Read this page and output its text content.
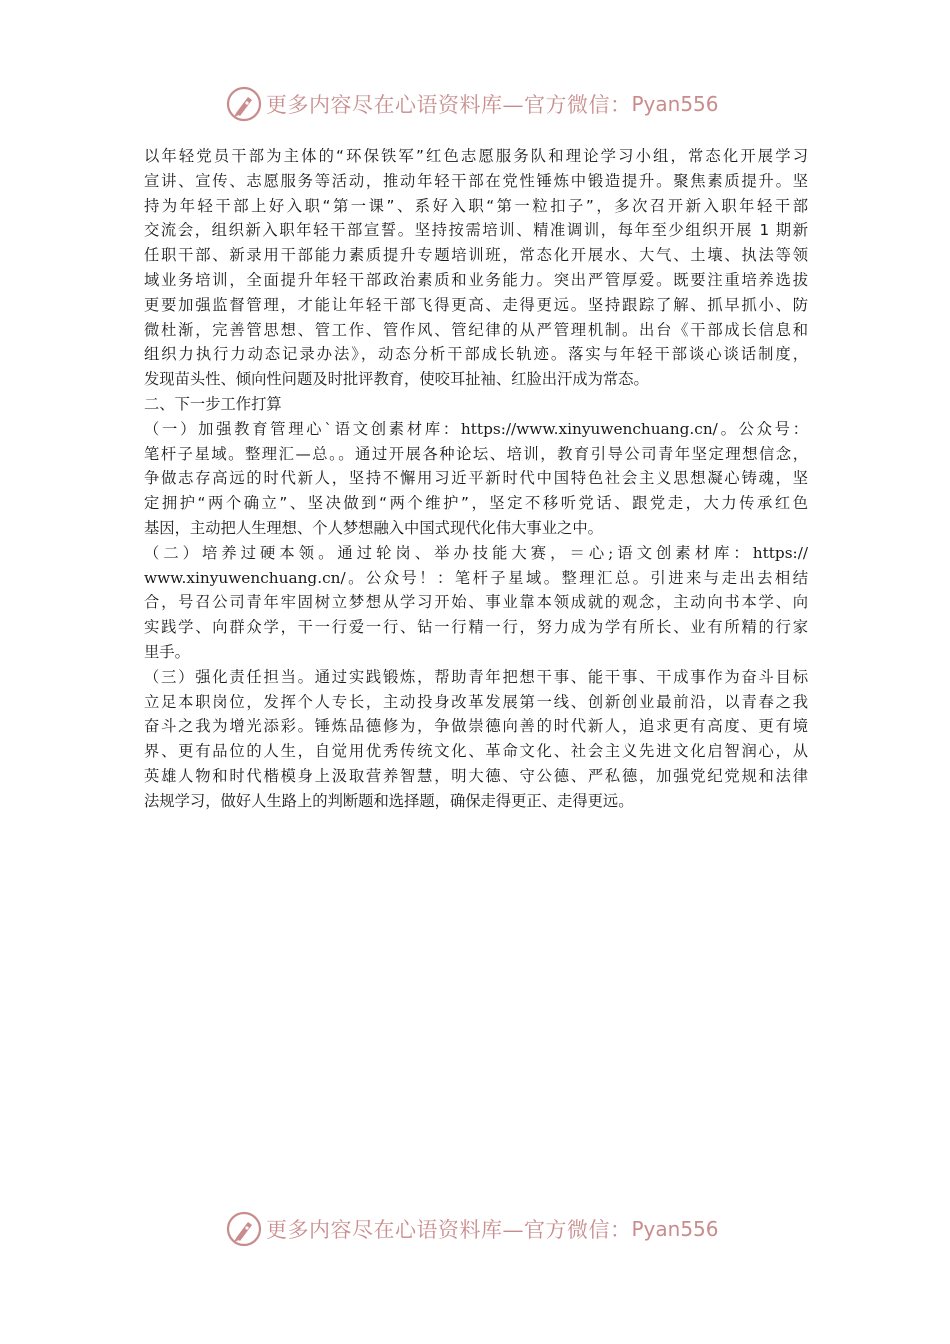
更多内容尽在心语资料库—官方微信： Pyan556
以年轻党员干部为主体的“环保铁军”红色志愿服务队和理论学习小组，常态化开展学习
宣讲、宣传、志愿服务等活动，推动年轻干部在党性锤炼中锻造提升。聚焦素质提升。坚
持为年轻干部上好入职“第一课”、系好入职“第一粒扣子”，多次召开新入职年轻干部
交流会，组织新入职年轻干部宣誓。坚持按需培训、精准调训，每年至少组织开展 1 期新
任职干部、新录用干部能力素质提升专题培训班，常态化开展水、大气、土壤、执法等领
域业务培训，全面提升年轻干部政治素质和业务能力。突出严管厚爱。既要注重培养选拔
更要加强监督管理，才能让年轻干部飞得更高、走得更远。坚持跟踪了解、抓早抓小、防
微杜渐，完善管思想、管工作、管作风、管纪律的从严管理机制。出台《干部成长信息和
组织力执行力动态记录办法》，动态分析干部成长轨迹。落实与年轻干部谈心谈话制度，
发现苗头性、倾向性问题及时批评教育，使咬耳扯袖、红脸出汗成为常态。
二、下一步工作打算
（一）加强教育管理心`语文创素材库：https://www.xinyuwenchuang.cn/。公众号：
笔杆子星域。整理汇—总。。通过开展各种论坛、培训，教育引导公司青年坚定理想信念，
争做志存高远的时代新人，坚持不懈用习近平新时代中国特色社会主义思想凝心铸魂，坚
定拥护“两个确立”、坚决做到“两个维护”，坚定不移听党话、跟党走，大力传承红色
基因，主动把人生理想、个人梦想融入中国式现代化伟大事业之中。
（二）培养过硬本领。通过轮岗、举办技能大赛，＝心;语文创素材库：https://
www.xinyuwenchuang.cn/。公众号！：笔杆子星域。整理汇总。引进来与走出去相结
合，号召公司青年牢固树立梦想从学习开始、事业靠本领成就的观念，主动向书本学、向
实践学、向群众学，干一行爱一行、钻一行精一行，努力成为学有所长、业有所精的行家
里手。
（三）强化责任担当。通过实践锻炼，帮助青年把想干事、能干事、干成事作为奋斗目标
立足本职岗位，发挥个人专长，主动投身改革发展第一线、创新创业最前沿，以青春之我
奋斗之我为增光添彩。锤炼品德修为，争做崇德向善的时代新人，追求更有高度、更有境
界、更有品位的人生，自觉用优秀传统文化、革命文化、社会主义先进文化启智润心，从
英雄人物和时代楷模身上汲取营养智慧，明大德、守公德、严私德，加强党纪党规和法律
法规学习，做好人生路上的判断题和选择题，确保走得更正、走得更远。
更多内容尽在心语资料库—官方微信： Pyan556
